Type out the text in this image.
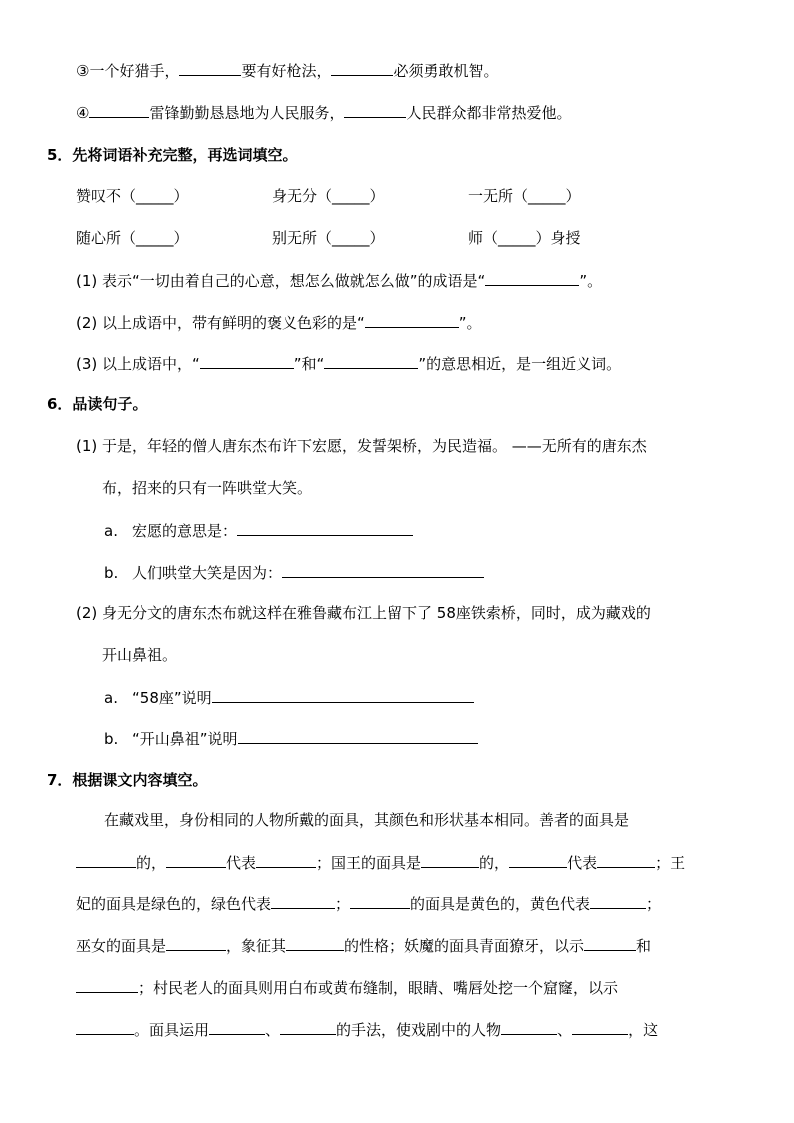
③一个好猎手，	要有好枪法，	必须勇敢机智。
④	雷锋勤勤恳恳地为人民服务，	人民群众都非常热爱他。
5．先将词语补充完整，再选词填空。
赞叹不（_____）	身无分（_____）	一无所（_____）
随心所（_____）	别无所（_____）	师（_____）身授
(1) 表示“一切由着自己的心意，想怎么做就怎么做”的成语是“	”。
(2) 以上成语中，带有鲜明的褒义色彩的是“	”。
(3) 以上成语中，“	”和“	”的意思相近，是一组近义词。
6．品读句子。
(1) 于是，年轻的僧人唐东杰布许下宏愿，发誓架桥，为民造福。 ——无所有的唐东杰
布，招来的只有一阵哄堂大笑。
a. 宏愿的意思是：
b. 人们哄堂大笑是因为：
(2) 身无分文的唐东杰布就这样在雅鲁藏布江上留下了 58座铁索桥，同时，成为藏戏的
开山鼻祖。
a. “58座”说明
b. “开山鼻祖”说明
7．根据课文内容填空。
在藏戏里，身份相同的人物所戴的面具，其颜色和形状基本相同。善者的面具是
的，	代表	；国王的面具是	的，	代表	；王
妃的面具是绿色的，绿色代表	；	的面具是黄色的，黄色代表	；
巫女的面具是	，象征其	的性格；妖魔的面具青面獠牙，以示	和
；村民老人的面具则用白布或黄布缝制，眼睛、嘴唇处挖一个窟窿，以示
。面具运用	、	的手法，使戏剧中的人物	、	，这
